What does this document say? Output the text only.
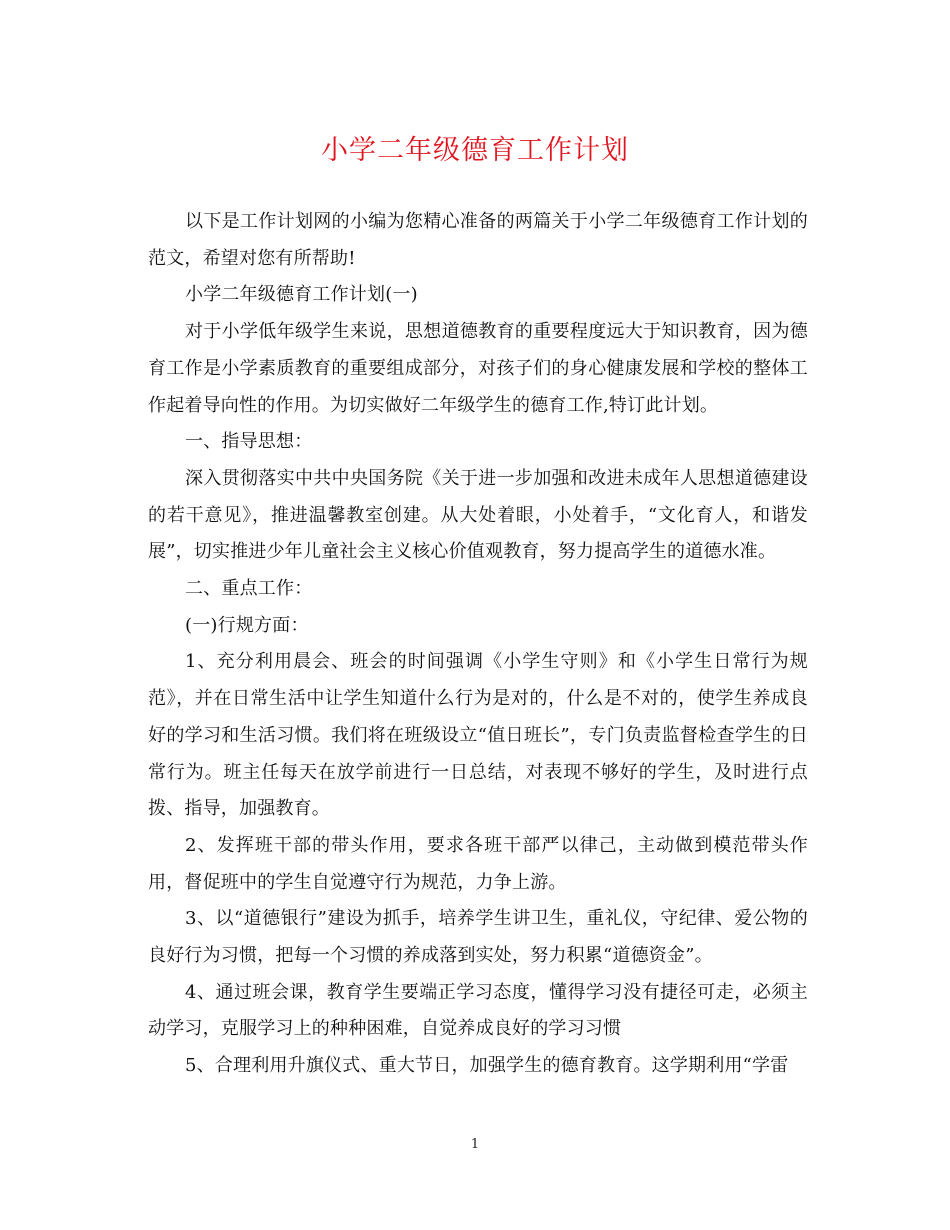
小学二年级德育工作计划

以下是工作计划网的小编为您精心准备的两篇关于小学二年级德育工作计划的范文，希望对您有所帮助!

小学二年级德育工作计划(一)

对于小学低年级学生来说，思想道德教育的重要程度远大于知识教育，因为德育工作是小学素质教育的重要组成部分，对孩子们的身心健康发展和学校的整体工作起着导向性的作用。为切实做好二年级学生的德育工作,特订此计划。

一、指导思想：

深入贯彻落实中共中央国务院《关于进一步加强和改进未成年人思想道德建设的若干意见》，推进温馨教室创建。从大处着眼，小处着手，“文化育人，和谐发展”，切实推进少年儿童社会主义核心价值观教育，努力提高学生的道德水准。

二、重点工作：

(一)行规方面：

1、充分利用晨会、班会的时间强调《小学生守则》和《小学生日常行为规范》，并在日常生活中让学生知道什么行为是对的，什么是不对的，使学生养成良好的学习和生活习惯。我们将在班级设立“值日班长”，专门负责监督检查学生的日常行为。班主任每天在放学前进行一日总结，对表现不够好的学生，及时进行点拨、指导，加强教育。

2、发挥班干部的带头作用，要求各班干部严以律己，主动做到模范带头作用，督促班中的学生自觉遵守行为规范，力争上游。

3、以“道德银行”建设为抓手，培养学生讲卫生，重礼仪，守纪律、爱公物的良好行为习惯，把每一个习惯的养成落到实处，努力积累“道德资金”。

4、通过班会课，教育学生要端正学习态度，懂得学习没有捷径可走，必须主动学习，克服学习上的种种困难，自觉养成良好的学习习惯

5、合理利用升旗仪式、重大节日，加强学生的德育教育。这学期利用“学雷

1
